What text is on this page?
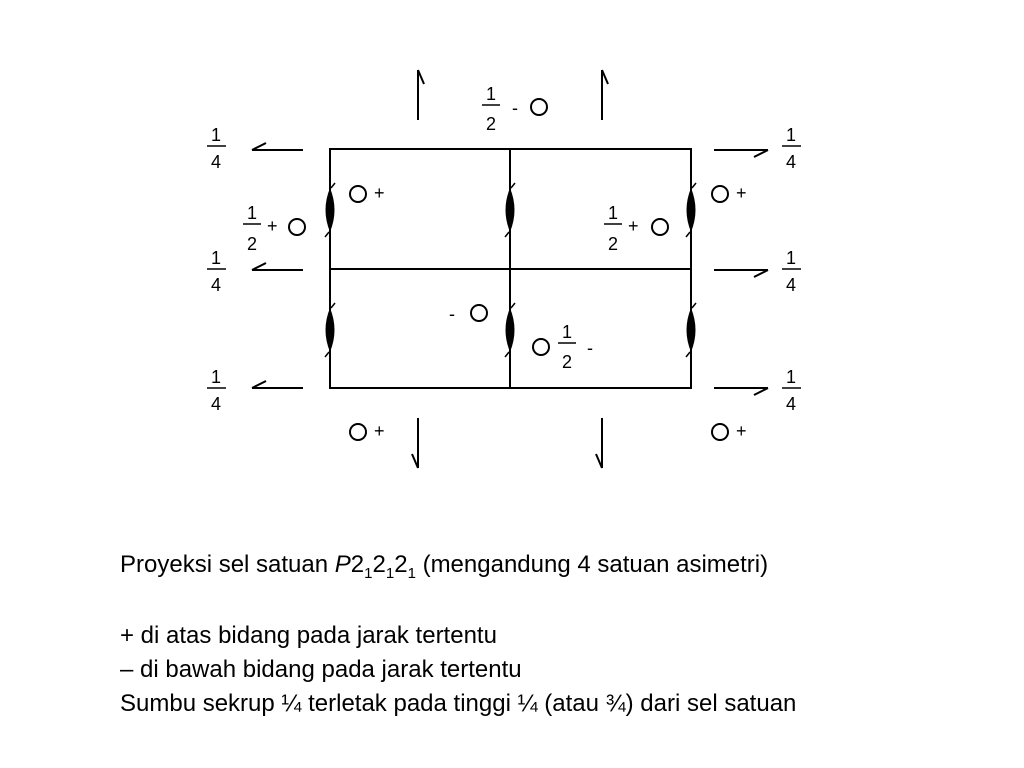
1
4
1
4
1
4
1
4
1
4
1
4
1
2
-
+
1
2
+
+
1
2
+
-
1
2
-
+	+

Proyeksi sel satuan $P2_12_12_1$ (mengandung 4 satuan asimetri)

+ di atas bidang pada jarak tertentu

– di bawah bidang pada jarak tertentu

Sumbu sekrup ¼ terletak pada tinggi ¼ (atau ¾) dari sel satuan
